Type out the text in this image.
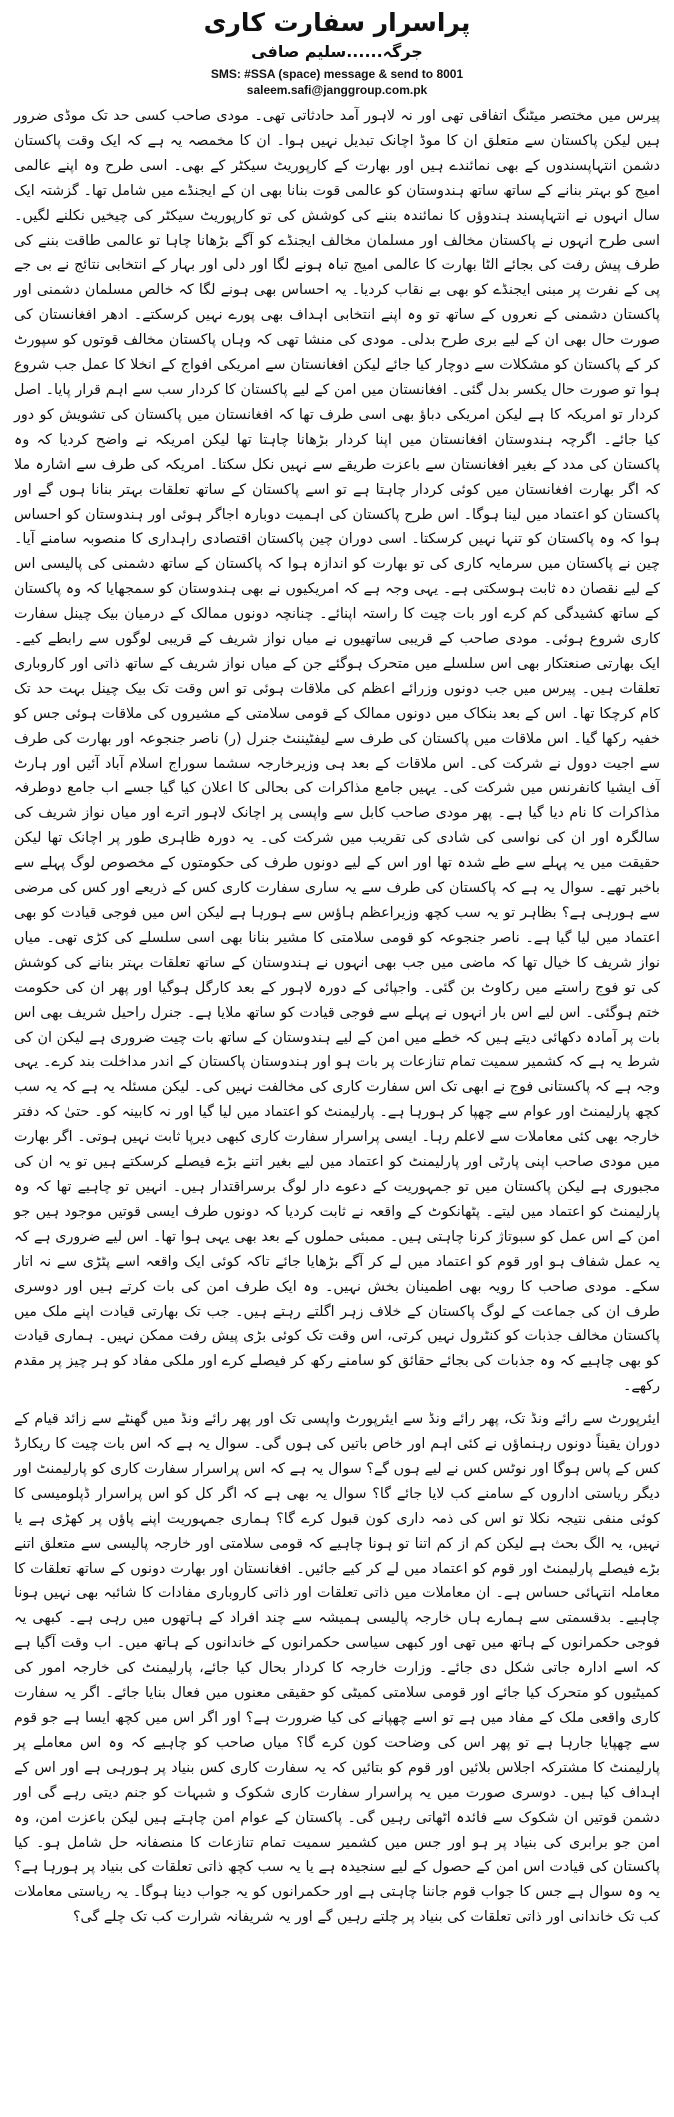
پراسرار سفارت کاری
جرگہ......سلیم صافی
SMS: #SSA (space) message & send to 8001
saleem.safi@janggroup.com.pk

پیرس میں مختصر میٹنگ اتفاقی تھی اور نہ لاہور آمد حادثاتی تھی۔ مودی صاحب کسی حد تک موڈی ضرور ہیں لیکن پاکستان سے متعلق ان کا موڈ اچانک تبدیل نہیں ہوا۔ ان کا مخمصہ یہ ہے کہ ایک وقت پاکستان دشمن انتہاپسندوں کے بھی نمائندے ہیں اور بھارت کے کارپوریٹ سیکٹر کے بھی۔ اسی طرح وہ اپنے عالمی امیج کو بہتر بنانے کے ساتھ ساتھ ہندوستان کو عالمی قوت بنانا بھی ان کے ایجنڈے میں شامل تھا۔ گزشتہ ایک سال انہوں نے انتہاپسند ہندوؤں کا نمائندہ بننے کی کوشش کی تو کارپوریٹ سیکٹر کی چیخیں نکلنے لگیں۔ اسی طرح انہوں نے پاکستان مخالف اور مسلمان مخالف ایجنڈے کو آگے بڑھانا چاہا تو عالمی طاقت بننے کی طرف پیش رفت کی بجائے الٹا بھارت کا عالمی امیج تباہ ہونے لگا اور دلی اور بہار کے انتخابی نتائج نے بی جے پی کے نفرت پر مبنی ایجنڈے کو بھی بے نقاب کردیا۔ یہ احساس بھی ہونے لگا کہ خالص مسلمان دشمنی اور پاکستان دشمنی کے نعروں کے ساتھ تو وہ اپنے انتخابی اہداف بھی پورے نہیں کرسکتے۔ ادھر افغانستان کی صورت حال بھی ان کے لیے بری طرح بدلی۔ مودی کی منشا تھی کہ وہاں پاکستان مخالف قوتوں کو سپورٹ کر کے پاکستان کو مشکلات سے دوچار کیا جائے لیکن افغانستان سے امریکی افواج کے انخلا کا عمل جب شروع ہوا تو صورت حال یکسر بدل گئی۔ افغانستان میں امن کے لیے پاکستان کا کردار سب سے اہم قرار پایا۔ اصل کردار تو امریکہ کا ہے لیکن امریکی دباؤ بھی اسی طرف تھا کہ افغانستان میں پاکستان کی تشویش کو دور کیا جائے۔ اگرچہ ہندوستان افغانستان میں اپنا کردار بڑھانا چاہتا تھا لیکن امریکہ نے واضح کردیا کہ وہ پاکستان کی مدد کے بغیر افغانستان سے باعزت طریقے سے نہیں نکل سکتا۔ امریکہ کی طرف سے اشارہ ملا کہ اگر بھارت افغانستان میں کوئی کردار چاہتا ہے تو اسے پاکستان کے ساتھ تعلقات بہتر بنانا ہوں گے اور پاکستان کو اعتماد میں لینا ہوگا۔ اس طرح پاکستان کی اہمیت دوبارہ اجاگر ہوئی اور ہندوستان کو احساس ہوا کہ وہ پاکستان کو تنہا نہیں کرسکتا۔ اسی دوران چین پاکستان اقتصادی راہداری کا منصوبہ سامنے آیا۔ چین نے پاکستان میں سرمایہ کاری کی تو بھارت کو اندازہ ہوا کہ پاکستان کے ساتھ دشمنی کی پالیسی اس کے لیے نقصان دہ ثابت ہوسکتی ہے۔ یہی وجہ ہے کہ امریکیوں نے بھی ہندوستان کو سمجھایا کہ وہ پاکستان کے ساتھ کشیدگی کم کرے اور بات چیت کا راستہ اپنائے۔ چنانچہ دونوں ممالک کے درمیان بیک چینل سفارت کاری شروع ہوئی۔ مودی صاحب کے قریبی ساتھیوں نے میاں نواز شریف کے قریبی لوگوں سے رابطے کیے۔ ایک بھارتی صنعتکار بھی اس سلسلے میں متحرک ہوگئے جن کے میاں نواز شریف کے ساتھ ذاتی اور کاروباری تعلقات ہیں۔ پیرس میں جب دونوں وزرائے اعظم کی ملاقات ہوئی تو اس وقت تک بیک چینل بہت حد تک کام کرچکا تھا۔ اس کے بعد بنکاک میں دونوں ممالک کے قومی سلامتی کے مشیروں کی ملاقات ہوئی جس کو خفیہ رکھا گیا۔ اس ملاقات میں پاکستان کی طرف سے لیفٹیننٹ جنرل (ر) ناصر جنجوعہ اور بھارت کی طرف سے اجیت دوول نے شرکت کی۔ اس ملاقات کے بعد ہی وزیرخارجہ سشما سوراج اسلام آباد آئیں اور ہارٹ آف ایشیا کانفرنس میں شرکت کی۔ یہیں جامع مذاکرات کی بحالی کا اعلان کیا گیا جسے اب جامع دوطرفہ مذاکرات کا نام دیا گیا ہے۔ پھر مودی صاحب کابل سے واپسی پر اچانک لاہور اترے اور میاں نواز شریف کی سالگرہ اور ان کی نواسی کی شادی کی تقریب میں شرکت کی۔ یہ دورہ ظاہری طور پر اچانک تھا لیکن حقیقت میں یہ پہلے سے طے شدہ تھا اور اس کے لیے دونوں طرف کی حکومتوں کے مخصوص لوگ پہلے سے باخبر تھے۔ سوال یہ ہے کہ پاکستان کی طرف سے یہ ساری سفارت کاری کس کے ذریعے اور کس کی مرضی سے ہورہی ہے؟ بظاہر تو یہ سب کچھ وزیراعظم ہاؤس سے ہورہا ہے لیکن اس میں فوجی قیادت کو بھی اعتماد میں لیا گیا ہے۔ ناصر جنجوعہ کو قومی سلامتی کا مشیر بنانا بھی اسی سلسلے کی کڑی تھی۔ میاں نواز شریف کا خیال تھا کہ ماضی میں جب بھی انہوں نے ہندوستان کے ساتھ تعلقات بہتر بنانے کی کوشش کی تو فوج راستے میں رکاوٹ بن گئی۔ واجپائی کے دورہ لاہور کے بعد کارگل ہوگیا اور پھر ان کی حکومت ختم ہوگئی۔ اس لیے اس بار انہوں نے پہلے سے فوجی قیادت کو ساتھ ملایا ہے۔ جنرل راحیل شریف بھی اس بات پر آمادہ دکھائی دیتے ہیں کہ خطے میں امن کے لیے ہندوستان کے ساتھ بات چیت ضروری ہے لیکن ان کی شرط یہ ہے کہ کشمیر سمیت تمام تنازعات پر بات ہو اور ہندوستان پاکستان کے اندر مداخلت بند کرے۔ یہی وجہ ہے کہ پاکستانی فوج نے ابھی تک اس سفارت کاری کی مخالفت نہیں کی۔ لیکن مسئلہ یہ ہے کہ یہ سب کچھ پارلیمنٹ اور عوام سے چھپا کر ہورہا ہے۔ پارلیمنٹ کو اعتماد میں لیا گیا اور نہ کابینہ کو۔ حتیٰ کہ دفتر خارجہ بھی کئی معاملات سے لاعلم رہا۔ ایسی پراسرار سفارت کاری کبھی دیرپا ثابت نہیں ہوتی۔ اگر بھارت میں مودی صاحب اپنی پارٹی اور پارلیمنٹ کو اعتماد میں لیے بغیر اتنے بڑے فیصلے کرسکتے ہیں تو یہ ان کی مجبوری ہے لیکن پاکستان میں تو جمہوریت کے دعوے دار لوگ برسراقتدار ہیں۔ انہیں تو چاہیے تھا کہ وہ پارلیمنٹ کو اعتماد میں لیتے۔ پٹھانکوٹ کے واقعہ نے ثابت کردیا کہ دونوں طرف ایسی قوتیں موجود ہیں جو امن کے اس عمل کو سبوتاژ کرنا چاہتی ہیں۔ ممبئی حملوں کے بعد بھی یہی ہوا تھا۔ اس لیے ضروری ہے کہ یہ عمل شفاف ہو اور قوم کو اعتماد میں لے کر آگے بڑھایا جائے تاکہ کوئی ایک واقعہ اسے پٹڑی سے نہ اتار سکے۔ مودی صاحب کا رویہ بھی اطمینان بخش نہیں۔ وہ ایک طرف امن کی بات کرتے ہیں اور دوسری طرف ان کی جماعت کے لوگ پاکستان کے خلاف زہر اگلتے رہتے ہیں۔ جب تک بھارتی قیادت اپنے ملک میں پاکستان مخالف جذبات کو کنٹرول نہیں کرتی، اس وقت تک کوئی بڑی پیش رفت ممکن نہیں۔ ہماری قیادت کو بھی چاہیے کہ وہ جذبات کی بجائے حقائق کو سامنے رکھ کر فیصلے کرے اور ملکی مفاد کو ہر چیز پر مقدم رکھے۔

ایئرپورٹ سے رائے ونڈ تک، پھر رائے ونڈ سے ایئرپورٹ واپسی تک اور پھر رائے ونڈ میں گھنٹے سے زائد قیام کے دوران یقیناً دونوں رہنماؤں نے کئی اہم اور خاص باتیں کی ہوں گی۔ سوال یہ ہے کہ اس بات چیت کا ریکارڈ کس کے پاس ہوگا اور نوٹس کس نے لیے ہوں گے؟ سوال یہ ہے کہ اس پراسرار سفارت کاری کو پارلیمنٹ اور دیگر ریاستی اداروں کے سامنے کب لایا جائے گا؟ سوال یہ بھی ہے کہ اگر کل کو اس پراسرار ڈپلومیسی کا کوئی منفی نتیجہ نکلا تو اس کی ذمہ داری کون قبول کرے گا؟ ہماری جمہوریت اپنے پاؤں پر کھڑی ہے یا نہیں، یہ الگ بحث ہے لیکن کم از کم اتنا تو ہونا چاہیے کہ قومی سلامتی اور خارجہ پالیسی سے متعلق اتنے بڑے فیصلے پارلیمنٹ اور قوم کو اعتماد میں لے کر کیے جائیں۔ افغانستان اور بھارت دونوں کے ساتھ تعلقات کا معاملہ انتہائی حساس ہے۔ ان معاملات میں ذاتی تعلقات اور ذاتی کاروباری مفادات کا شائبہ بھی نہیں ہونا چاہیے۔ بدقسمتی سے ہمارے ہاں خارجہ پالیسی ہمیشہ سے چند افراد کے ہاتھوں میں رہی ہے۔ کبھی یہ فوجی حکمرانوں کے ہاتھ میں تھی اور کبھی سیاسی حکمرانوں کے خاندانوں کے ہاتھ میں۔ اب وقت آگیا ہے کہ اسے ادارہ جاتی شکل دی جائے۔ وزارت خارجہ کا کردار بحال کیا جائے، پارلیمنٹ کی خارجہ امور کی کمیٹیوں کو متحرک کیا جائے اور قومی سلامتی کمیٹی کو حقیقی معنوں میں فعال بنایا جائے۔ اگر یہ سفارت کاری واقعی ملک کے مفاد میں ہے تو اسے چھپانے کی کیا ضرورت ہے؟ اور اگر اس میں کچھ ایسا ہے جو قوم سے چھپایا جارہا ہے تو پھر اس کی وضاحت کون کرے گا؟ میاں صاحب کو چاہیے کہ وہ اس معاملے پر پارلیمنٹ کا مشترکہ اجلاس بلائیں اور قوم کو بتائیں کہ یہ سفارت کاری کس بنیاد پر ہورہی ہے اور اس کے اہداف کیا ہیں۔ دوسری صورت میں یہ پراسرار سفارت کاری شکوک و شبہات کو جنم دیتی رہے گی اور دشمن قوتیں ان شکوک سے فائدہ اٹھاتی رہیں گی۔ پاکستان کے عوام امن چاہتے ہیں لیکن باعزت امن، وہ امن جو برابری کی بنیاد پر ہو اور جس میں کشمیر سمیت تمام تنازعات کا منصفانہ حل شامل ہو۔ کیا پاکستان کی قیادت اس امن کے حصول کے لیے سنجیدہ ہے یا یہ سب کچھ ذاتی تعلقات کی بنیاد پر ہورہا ہے؟ یہ وہ سوال ہے جس کا جواب قوم جاننا چاہتی ہے اور حکمرانوں کو یہ جواب دینا ہوگا۔ یہ ریاستی معاملات کب تک خاندانی اور ذاتی تعلقات کی بنیاد پر چلتے رہیں گے اور یہ شریفانہ شرارت کب تک چلے گی؟
